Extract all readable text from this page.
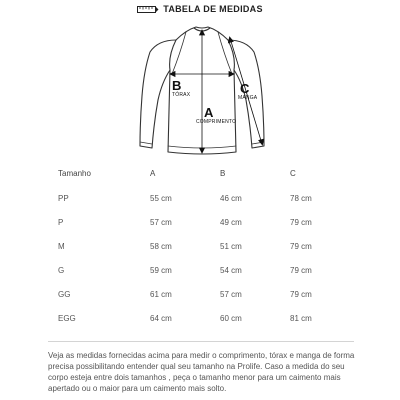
TABELA DE MEDIDAS
B
TÓRAX
A
COMPRIMENTO
C
MANGA
Tamanho	A	B	C
PP	55 cm	46 cm	78 cm
P	57 cm	49 cm	79 cm
M	58 cm	51 cm	79 cm
G	59 cm	54 cm	79 cm
GG	61 cm	57 cm	79 cm
EGG	64 cm	60 cm	81 cm

Veja as medidas fornecidas acima para medir o comprimento, tórax e manga de forma precisa possibilitando entender qual seu tamanho na Prolife. Caso a medida do seu corpo esteja entre dois tamanhos , peça o tamanho menor para um caimento mais apertado ou o maior para um caimento mais solto.
